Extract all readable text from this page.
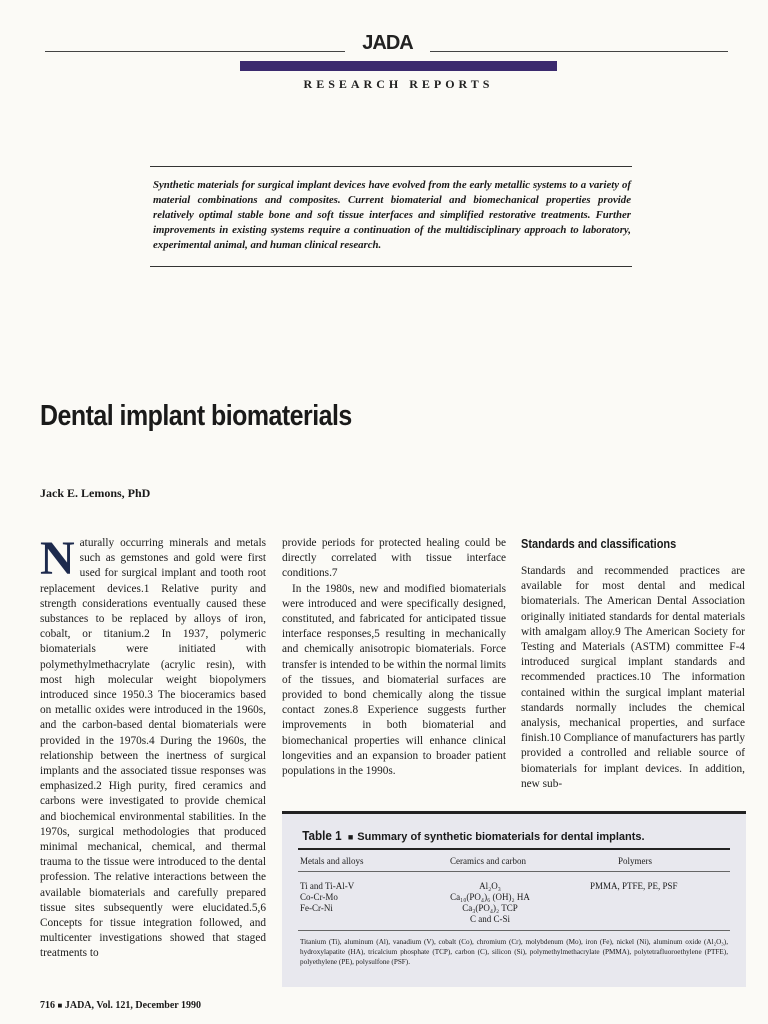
JADA
RESEARCH REPORTS

Synthetic materials for surgical implant devices have evolved from the early metallic systems to a variety of material combinations and composites. Current biomaterial and biomechanical properties provide relatively optimal stable bone and soft tissue interfaces and simplified restorative treatments. Further improvements in existing systems require a continuation of the multidisciplinary approach to laboratory, experimental animal, and human clinical research.

Dental implant biomaterials
Jack E. Lemons, PhD
Naturally occurring minerals and metals such as gemstones and gold were first used for surgical implant and tooth root replacement devices.1 Relative purity and strength considerations eventually caused these substances to be replaced by alloys of iron, cobalt, or titanium.2 In 1937, polymeric biomaterials were initiated with polymethylmethacrylate (acrylic resin), with most high molecular weight biopolymers introduced since 1950.3 The bioceramics based on metallic oxides were introduced in the 1960s, and the carbon-based dental biomaterials were provided in the 1970s.4 During the 1960s, the relationship between the inertness of surgical implants and the associated tissue responses was emphasized.2 High purity, fired ceramics and carbons were investigated to provide chemical and biochemical environmental stabilities. In the 1970s, surgical methodologies that produced minimal mechanical, chemical, and thermal trauma to the tissue were introduced to the dental profession. The relative interactions between the available biomaterials and carefully prepared tissue sites subsequently were elucidated.5,6 Concepts for tissue integration followed, and multicenter investigations showed that staged treatments to

provide periods for protected healing could be directly correlated with tissue interface conditions.7

In the 1980s, new and modified biomaterials were introduced and were specifically designed, constituted, and fabricated for anticipated tissue interface responses,5 resulting in mechanically and chemically anisotropic biomaterials. Force transfer is intended to be within the normal limits of the tissues, and biomaterial surfaces are provided to bond chemically along the tissue contact zones.8 Experience suggests further improvements in both biomaterial and biomechanical properties will enhance clinical longevities and an expansion to broader patient populations in the 1990s.

Standards and classifications

Standards and recommended practices are available for most dental and medical biomaterials. The American Dental Association originally initiated standards for dental materials with amalgam alloy.9 The American Society for Testing and Materials (ASTM) committee F-4 introduced surgical implant standards and recommended practices.10 The information contained within the surgical implant material standards normally includes the chemical analysis, mechanical properties, and surface finish.10 Compliance of manufacturers has partly provided a controlled and reliable source of biomaterials for implant devices. In addition, new sub-

Table 1 ■ Summary of synthetic biomaterials for dental implants.
Metals and alloys	Ceramics and carbon	Polymers
Ti and Ti-Al-V
Co-Cr-Mo
Fe-Cr-Ni
Al₂O₃
Ca₁₀(PO₄)₆ (OH)₂ HA
Ca₃(PO₄)₂ TCP
C and C-Si
PMMA, PTFE, PE, PSF

Titanium (Ti), aluminum (Al), vanadium (V), cobalt (Co), chromium (Cr), molybdenum (Mo), iron (Fe), nickel (Ni), aluminum oxide (Al₂O₃), hydroxylapatite (HA), tricalcium phosphate (TCP), carbon (C), silicon (Si), polymethylmethacrylate (PMMA), polytetrafluoroethylene (PTFE), polyethylene (PE), polysulfone (PSF).

716 ■ JADA, Vol. 121, December 1990
